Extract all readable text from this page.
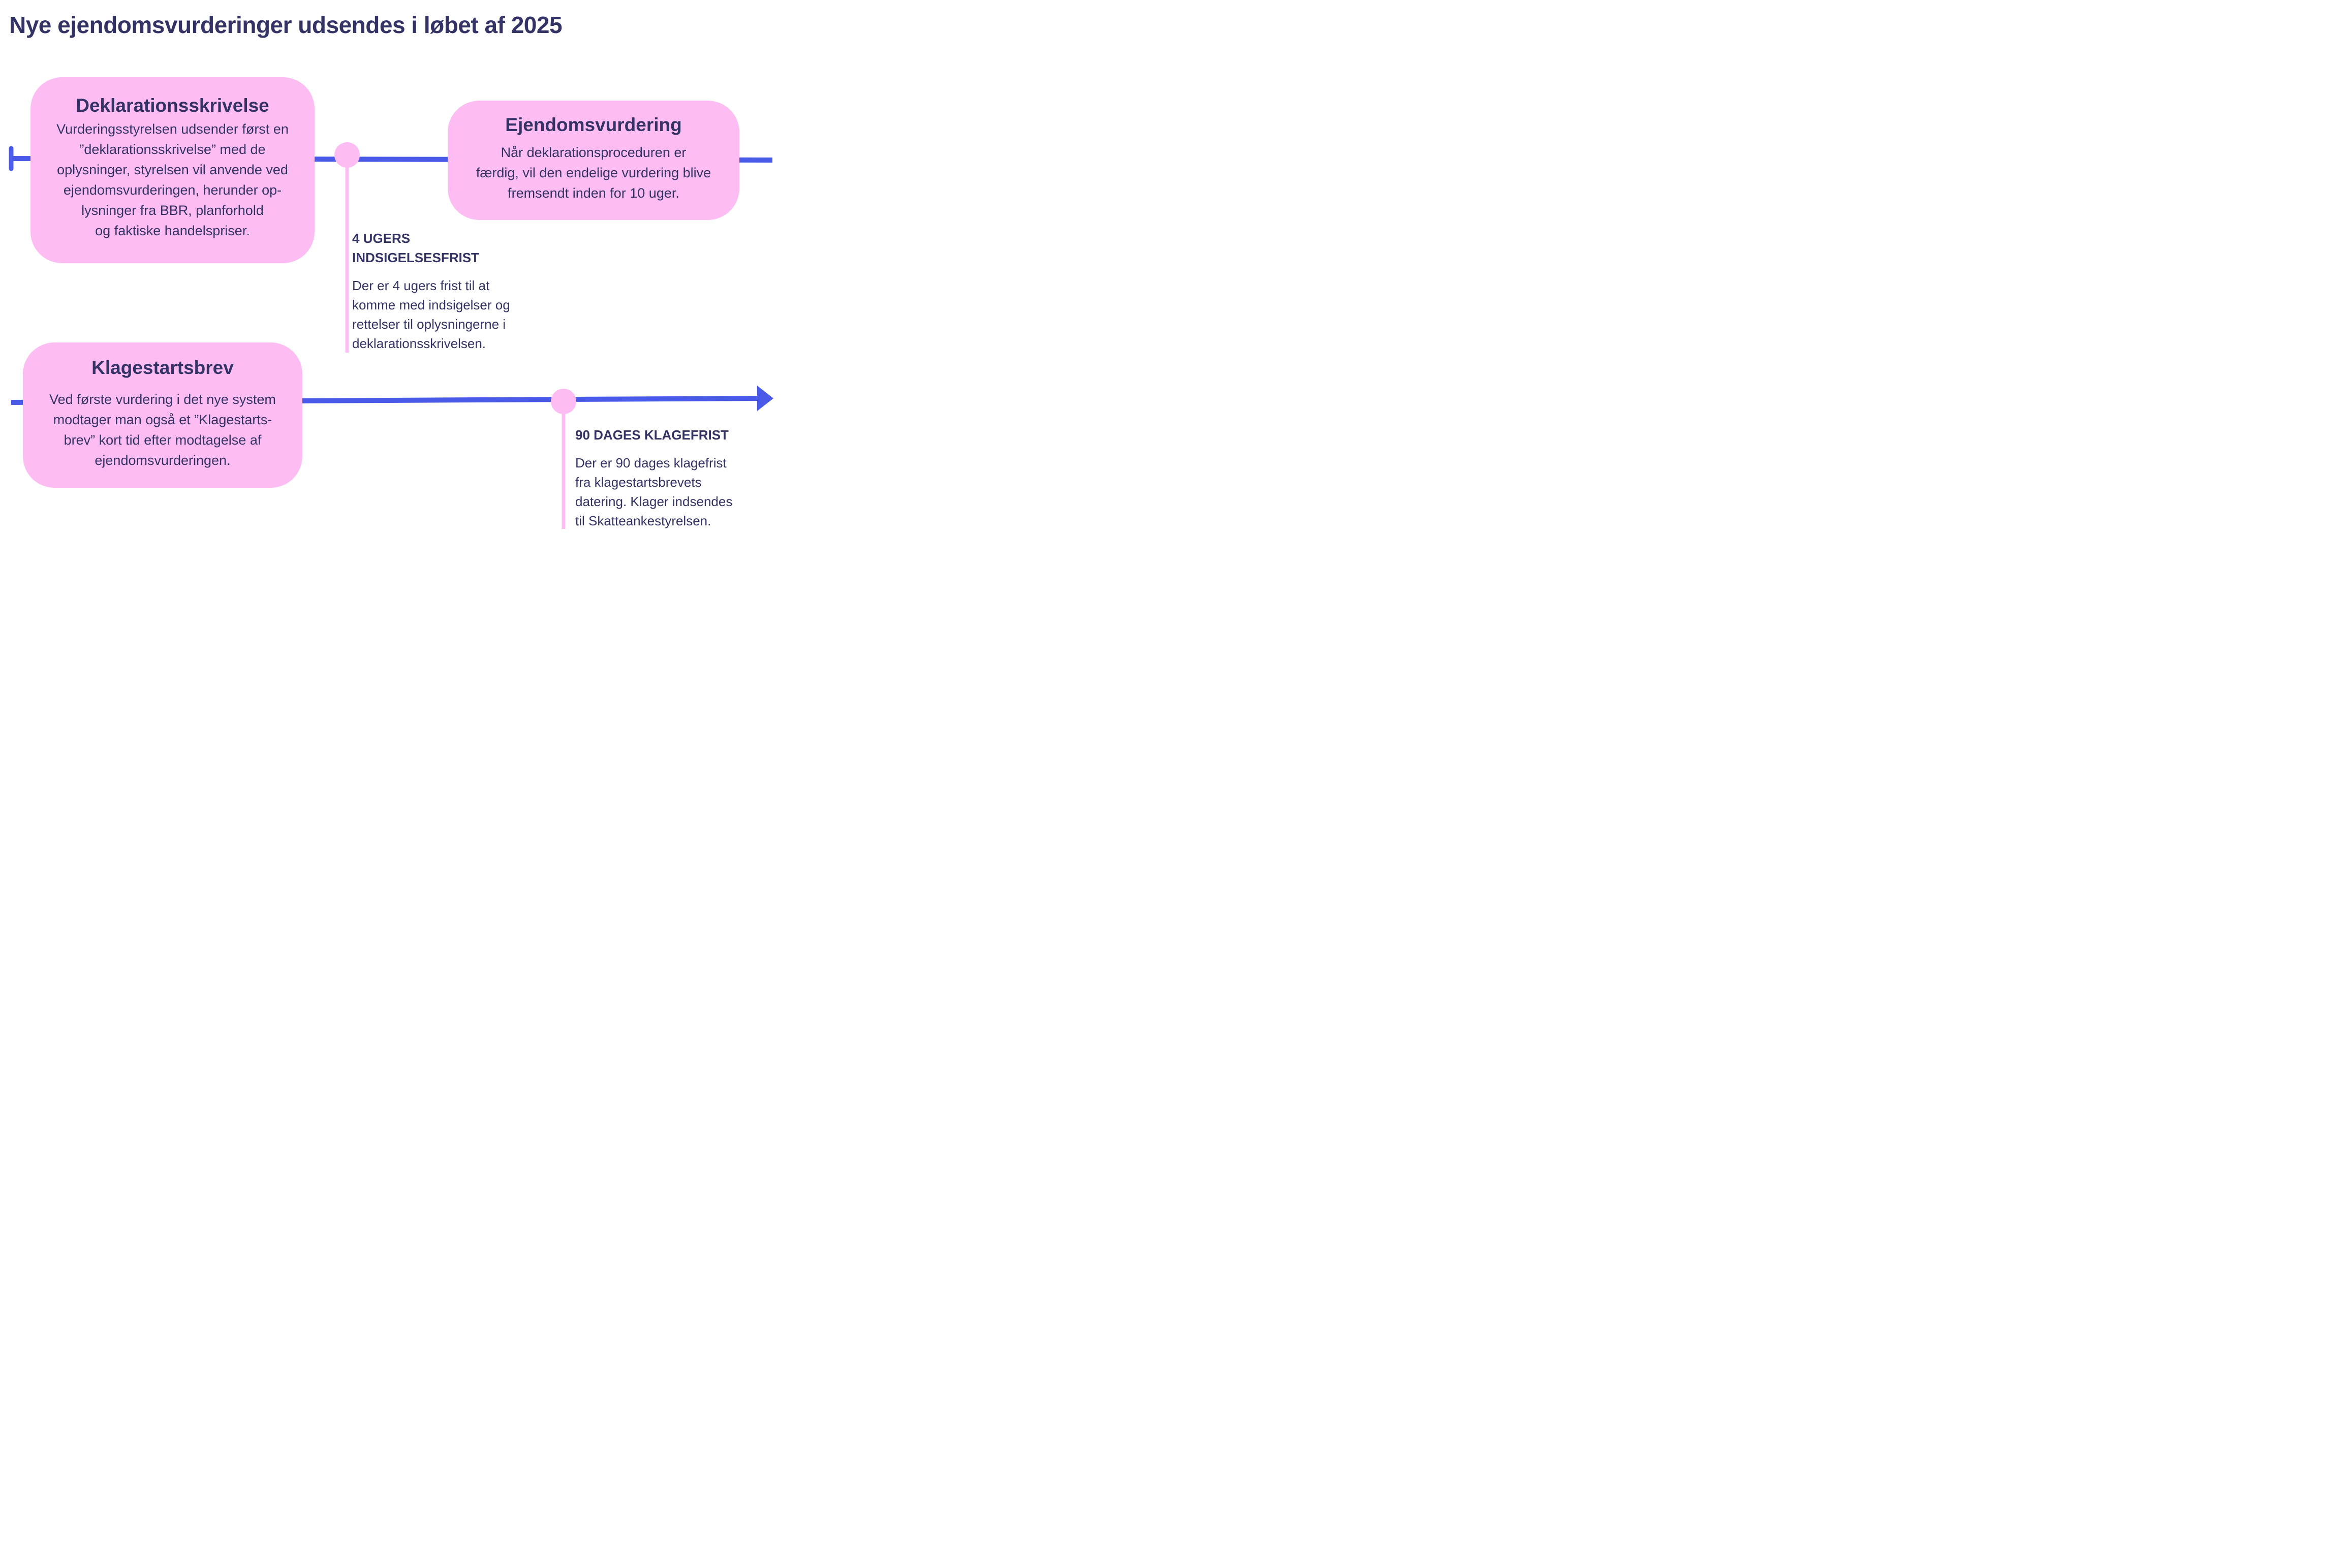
Nye ejendomsvurderinger udsendes i løbet af 2025
Deklarationsskrivelse

Vurderingsstyrelsen udsender først en
”deklarationsskrivelse” med de
oplysninger, styrelsen vil anvende ved
ejendomsvurderingen, herunder op-
lysninger fra BBR, planforhold
og faktiske handelspriser.

Ejendomsvurdering

Når deklarationsproceduren er
færdig, vil den endelige vurdering blive
fremsendt inden for 10 uger.

Klagestartsbrev

Ved første vurdering i det nye system
modtager man også et ”Klagestarts-
brev” kort tid efter modtagelse af
ejendomsvurderingen.

4 UGERS
INDSIGELSESFRIST

Der er 4 ugers frist til at
komme med indsigelser og
rettelser til oplysningerne i
deklarationsskrivelsen.

90 DAGES KLAGEFRIST

Der er 90 dages klagefrist
fra klagestartsbrevets
datering. Klager indsendes
til Skatteankestyrelsen.
